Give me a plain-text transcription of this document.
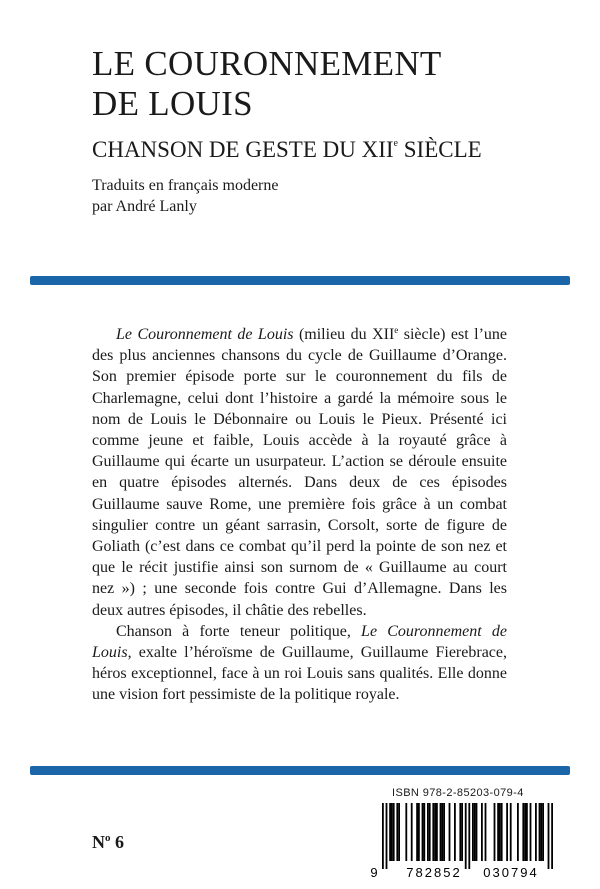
LE COURONNEMENT
DE LOUIS
CHANSON DE GESTE DU XIIe SIÈCLE
Traduits en français moderne
par André Lanly

Le Couronnement de Louis (milieu du XIIe siècle) est l’une des plus anciennes chansons du cycle de Guillaume d’Orange. Son premier épisode porte sur le couronnement du fils de Charlemagne, celui dont l’histoire a gardé la mémoire sous le nom de Louis le Débonnaire ou Louis le Pieux. Présenté ici comme jeune et faible, Louis accède à la royauté grâce à Guillaume qui écarte un usurpateur. L’action se déroule ensuite en quatre épisodes alternés. Dans deux de ces épisodes Guillaume sauve Rome, une première fois grâce à un combat singulier contre un géant sarrasin, Corsolt, sorte de figure de Goliath (c’est dans ce combat qu’il perd la pointe de son nez et que le récit justifie ainsi son surnom de « Guillaume au court nez ») ; une seconde fois contre Gui d’Allemagne. Dans les deux autres épisodes, il châtie des rebelles.

Chanson à forte teneur politique, Le Couronnement de Louis, exalte l’héroïsme de Guillaume, Guillaume Fierebrace, héros exceptionnel, face à un roi Louis sans qualités. Elle donne une vision fort pessimiste de la politique royale.

$N^o$ 6
ISBN 978-2-85203-079-4
9 782852 030794
